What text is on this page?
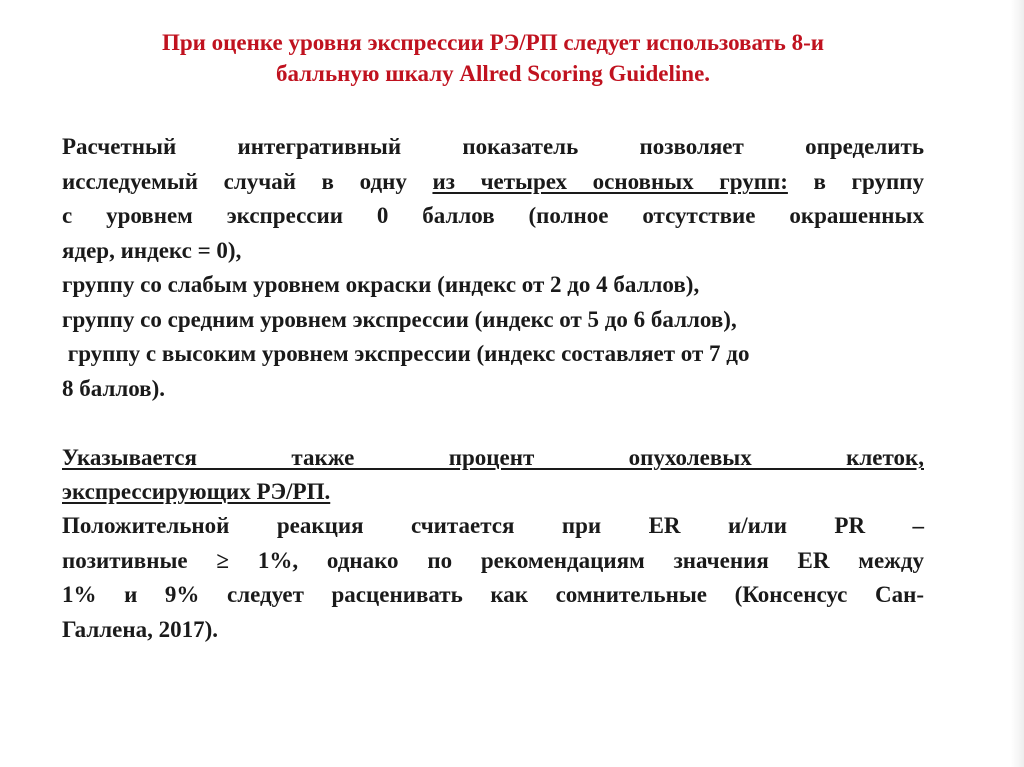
При оценке уровня экспрессии РЭ/РП следует использовать 8-и

балльную шкалу Allred Scoring Guideline.

Расчетный интегративный показатель позволяет определить

исследуемый случай в одну из четырех основных групп: в группу

с уровнем экспрессии 0 баллов (полное отсутствие окрашенных

ядер, индекс = 0),

группу со слабым уровнем окраски (индекс от 2 до 4 баллов),

группу со средним уровнем экспрессии (индекс от 5 до 6 баллов),

группу с высоким уровнем экспрессии (индекс составляет от 7 до

8 баллов).

Указывается также процент опухолевых клеток,

экспрессирующих РЭ/РП.

Положительной реакция считается при ER и/или PR –

позитивные ≥ 1%, однако по рекомендациям значения ER между

1% и 9% следует расценивать как сомнительные (Консенсус Сан-

Галлена, 2017).
